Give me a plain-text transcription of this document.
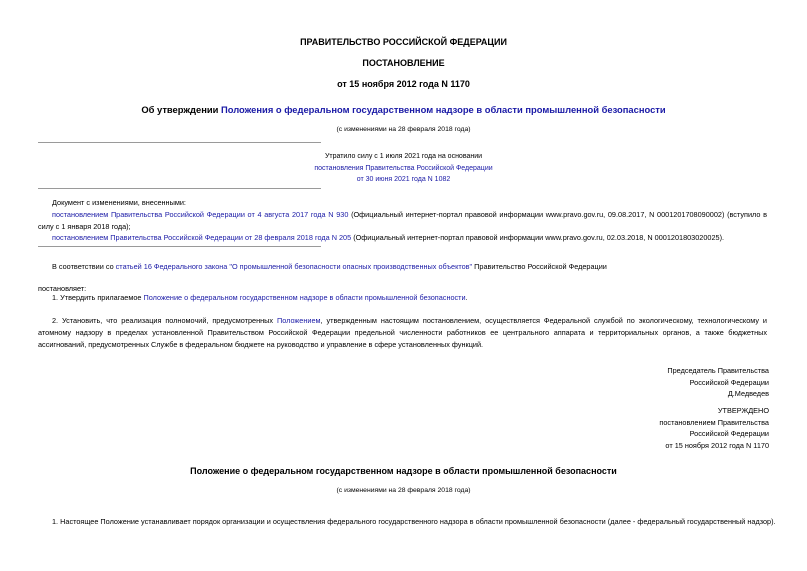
ПРАВИТЕЛЬСТВО РОССИЙСКОЙ ФЕДЕРАЦИИ
ПОСТАНОВЛЕНИЕ
от 15 ноября 2012 года N 1170
Об утверждении Положения о федеральном государственном надзоре в области промышленной безопасности
(с изменениями на 28 февраля 2018 года)
Утратило силу с 1 июля 2021 года на основании
постановления Правительства Российской Федерации
от 30 июня 2021 года N 1082
Документ с изменениями, внесенными:
постановлением Правительства Российской Федерации от 4 августа 2017 года N 930 (Официальный интернет-портал правовой информации www.pravo.gov.ru, 09.08.2017, N 0001201708090002) (вступило в силу с 1 января 2018 года);
постановлением Правительства Российской Федерации от 28 февраля 2018 года N 205 (Официальный интернет-портал правовой информации www.pravo.gov.ru, 02.03.2018, N 0001201803020025).
В соответствии со статьей 16 Федерального закона "О промышленной безопасности опасных производственных объектов" Правительство Российской Федерации
постановляет:
1. Утвердить прилагаемое Положение о федеральном государственном надзоре в области промышленной безопасности.
2. Установить, что реализация полномочий, предусмотренных Положением, утвержденным настоящим постановлением, осуществляется Федеральной службой по экологическому, технологическому и атомному надзору в пределах установленной Правительством Российской Федерации предельной численности работников ее центрального аппарата и территориальных органов, а также бюджетных ассигнований, предусмотренных Службе в федеральном бюджете на руководство и управление в сфере установленных функций.
Председатель Правительства
Российской Федерации
Д.Медведев
УТВЕРЖДЕНО
постановлением Правительства
Российской Федерации
от 15 ноября 2012 года N 1170
Положение о федеральном государственном надзоре в области промышленной безопасности
(с изменениями на 28 февраля 2018 года)
1. Настоящее Положение устанавливает порядок организации и осуществления федерального государственного надзора в области промышленной безопасности (далее - федеральный государственный надзор).
